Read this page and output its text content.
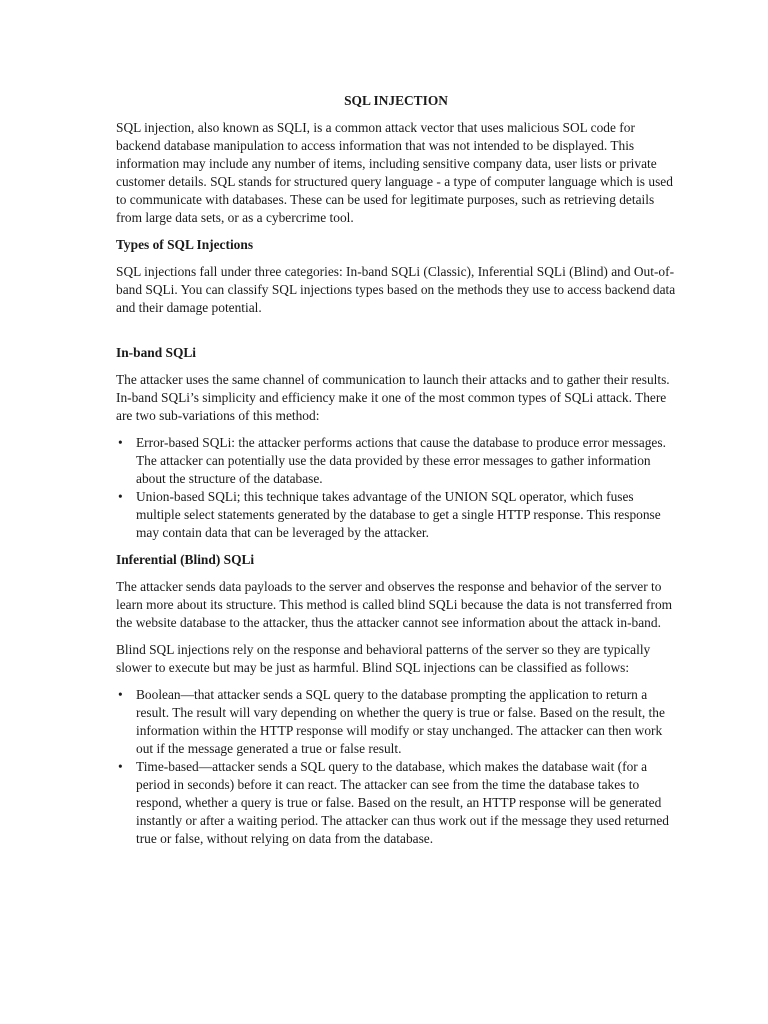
SQL INJECTION

SQL injection, also known as SQLI, is a common attack vector that uses malicious SOL code for backend database manipulation to access information that was not intended to be displayed. This information may include any number of items, including sensitive company data, user lists or private customer details. SQL stands for structured query language - a type of computer language which is used to communicate with databases. These can be used for legitimate purposes, such as retrieving details from large data sets, or as a cybercrime tool.

Types of SQL Injections

SQL injections fall under three categories: In-band SQLi (Classic), Inferential SQLi (Blind) and Out-of-band SQLi. You can classify SQL injections types based on the methods they use to access backend data and their damage potential.

In-band SQLi

The attacker uses the same channel of communication to launch their attacks and to gather their results. In-band SQLi’s simplicity and efficiency make it one of the most common types of SQLi attack. There are two sub-variations of this method:

• Error-based SQLi: the attacker performs actions that cause the database to produce error messages. The attacker can potentially use the data provided by these error messages to gather information about the structure of the database.
• Union-based SQLi; this technique takes advantage of the UNION SQL operator, which fuses multiple select statements generated by the database to get a single HTTP response. This response may contain data that can be leveraged by the attacker.
Inferential (Blind) SQLi

The attacker sends data payloads to the server and observes the response and behavior of the server to learn more about its structure. This method is called blind SQLi because the data is not transferred from the website database to the attacker, thus the attacker cannot see information about the attack in-band.

Blind SQL injections rely on the response and behavioral patterns of the server so they are typically slower to execute but may be just as harmful. Blind SQL injections can be classified as follows:

• Boolean—that attacker sends a SQL query to the database prompting the application to return a result. The result will vary depending on whether the query is true or false. Based on the result, the information within the HTTP response will modify or stay unchanged. The attacker can then work out if the message generated a true or false result.
• Time-based—attacker sends a SQL query to the database, which makes the database wait (for a period in seconds) before it can react. The attacker can see from the time the database takes to respond, whether a query is true or false. Based on the result, an HTTP response will be generated instantly or after a waiting period. The attacker can thus work out if the message they used returned true or false, without relying on data from the database.
